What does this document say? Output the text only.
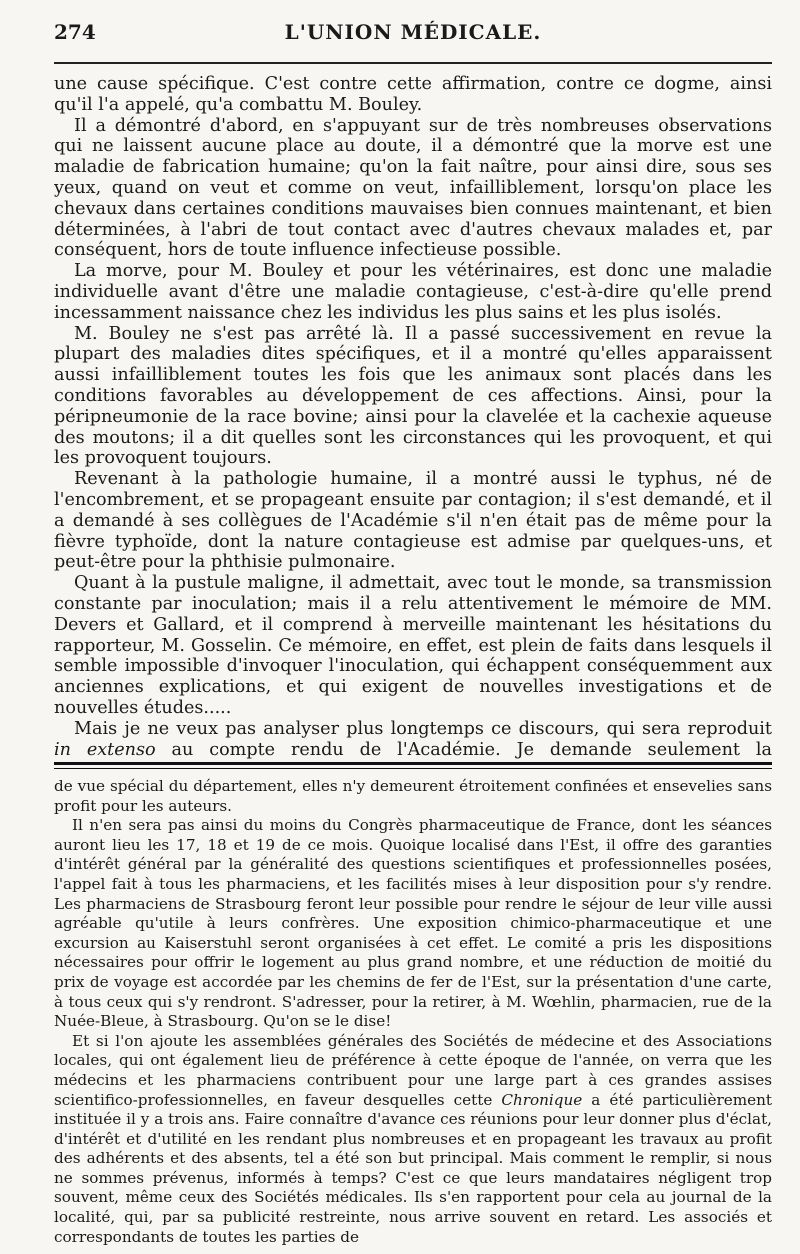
274	L'UNION MÉDICALE.

une cause spécifique. C'est contre cette affirmation, contre ce dogme, ainsi qu'il l'a appelé, qu'a combattu M. Bouley.

Il a démontré d'abord, en s'appuyant sur de très nombreuses observations qui ne laissent aucune place au doute, il a démontré que la morve est une maladie de fabrication humaine; qu'on la fait naître, pour ainsi dire, sous ses yeux, quand on veut et comme on veut, infailliblement, lorsqu'on place les chevaux dans certaines conditions mauvaises bien connues maintenant, et bien déterminées, à l'abri de tout contact avec d'autres chevaux malades et, par conséquent, hors de toute influence infectieuse possible.

La morve, pour M. Bouley et pour les vétérinaires, est donc une maladie individuelle avant d'être une maladie contagieuse, c'est-à-dire qu'elle prend incessamment naissance chez les individus les plus sains et les plus isolés.

M. Bouley ne s'est pas arrêté là. Il a passé successivement en revue la plupart des maladies dites spécifiques, et il a montré qu'elles apparaissent aussi infailliblement toutes les fois que les animaux sont placés dans les conditions favorables au développement de ces affections. Ainsi, pour la péripneumonie de la race bovine; ainsi pour la clavelée et la cachexie aqueuse des moutons; il a dit quelles sont les circonstances qui les provoquent, et qui les provoquent toujours.

Revenant à la pathologie humaine, il a montré aussi le typhus, né de l'encombrement, et se propageant ensuite par contagion; il s'est demandé, et il a demandé à ses collègues de l'Académie s'il n'en était pas de même pour la fièvre typhoïde, dont la nature contagieuse est admise par quelques-uns, et peut-être pour la phthisie pulmonaire.

Quant à la pustule maligne, il admettait, avec tout le monde, sa transmission constante par inoculation; mais il a relu attentivement le mémoire de MM. Devers et Gallard, et il comprend à merveille maintenant les hésitations du rapporteur, M. Gosselin. Ce mémoire, en effet, est plein de faits dans lesquels il semble impossible d'invoquer l'inoculation, qui échappent conséquemment aux anciennes explications, et qui exigent de nouvelles investigations et de nouvelles études.....

Mais je ne veux pas analyser plus longtemps ce discours, qui sera reproduit in extenso au compte rendu de l'Académie. Je demande seulement la

de vue spécial du département, elles n'y demeurent étroitement confinées et ensevelies sans profit pour les auteurs.

Il n'en sera pas ainsi du moins du Congrès pharmaceutique de France, dont les séances auront lieu les 17, 18 et 19 de ce mois. Quoique localisé dans l'Est, il offre des garanties d'intérêt général par la généralité des questions scientifiques et professionnelles posées, l'appel fait à tous les pharmaciens, et les facilités mises à leur disposition pour s'y rendre. Les pharmaciens de Strasbourg feront leur possible pour rendre le séjour de leur ville aussi agréable qu'utile à leurs confrères. Une exposition chimico-pharmaceutique et une excursion au Kaiserstuhl seront organisées à cet effet. Le comité a pris les dispositions nécessaires pour offrir le logement au plus grand nombre, et une réduction de moitié du prix de voyage est accordée par les chemins de fer de l'Est, sur la présentation d'une carte, à tous ceux qui s'y rendront. S'adresser, pour la retirer, à M. Wœhlin, pharmacien, rue de la Nuée-Bleue, à Strasbourg. Qu'on se le dise!

Et si l'on ajoute les assemblées générales des Sociétés de médecine et des Associations locales, qui ont également lieu de préférence à cette époque de l'année, on verra que les médecins et les pharmaciens contribuent pour une large part à ces grandes assises scientifico-professionnelles, en faveur desquelles cette Chronique a été particulièrement instituée il y a trois ans. Faire connaître d'avance ces réunions pour leur donner plus d'éclat, d'intérêt et d'utilité en les rendant plus nombreuses et en propageant les travaux au profit des adhérents et des absents, tel a été son but principal. Mais comment le remplir, si nous ne sommes prévenus, informés à temps? C'est ce que leurs mandataires négligent trop souvent, même ceux des Sociétés médicales. Ils s'en rapportent pour cela au journal de la localité, qui, par sa publicité restreinte, nous arrive souvent en retard. Les associés et correspondants de toutes les parties de
